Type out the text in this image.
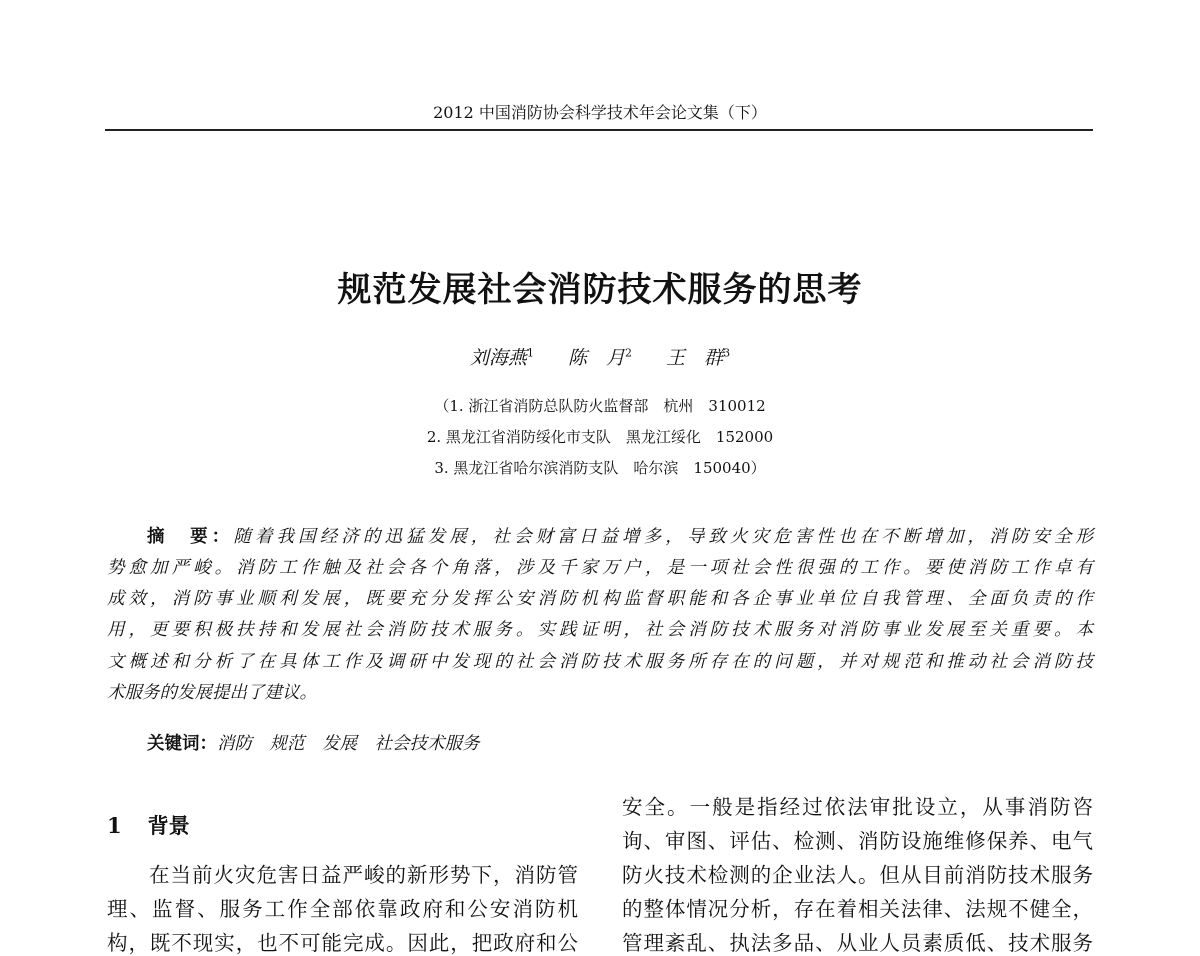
2012 中国消防协会科学技术年会论文集（下）
规范发展社会消防技术服务的思考
刘海燕$^1$ 陈　月$^2$ 王　群$^3$
（1. 浙江省消防总队防火监督部　杭州　310012
2. 黑龙江省消防绥化市支队　黑龙江绥化　152000
3. 黑龙江省哈尔滨消防支队　哈尔滨　150040）
摘　要：随着我国经济的迅猛发展，社会财富日益增多，导致火灾危害性也在不断增加，消防安全形
势愈加严峻。消防工作触及社会各个角落，涉及千家万户，是一项社会性很强的工作。要使消防工作卓有
成效，消防事业顺利发展，既要充分发挥公安消防机构监督职能和各企事业单位自我管理、全面负责的作
用，更要积极扶持和发展社会消防技术服务。实践证明，社会消防技术服务对消防事业发展至关重要。本
文概述和分析了在具体工作及调研中发现的社会消防技术服务所存在的问题，并对规范和推动社会消防技
术服务的发展提出了建议。
关键词：消防　规范　发展　社会技术服务
1 背景
在当前火灾危害日益严峻的新形势下，消防管
理、监督、服务工作全部依靠政府和公安消防机
构，既不现实，也不可能完成。因此，把政府和公
安全。一般是指经过依法审批设立，从事消防咨
询、审图、评估、检测、消防设施维修保养、电气
防火技术检测的企业法人。但从目前消防技术服务
的整体情况分析，存在着相关法律、法规不健全，
管理紊乱、执法多品、从业人员素质低、技术服务
